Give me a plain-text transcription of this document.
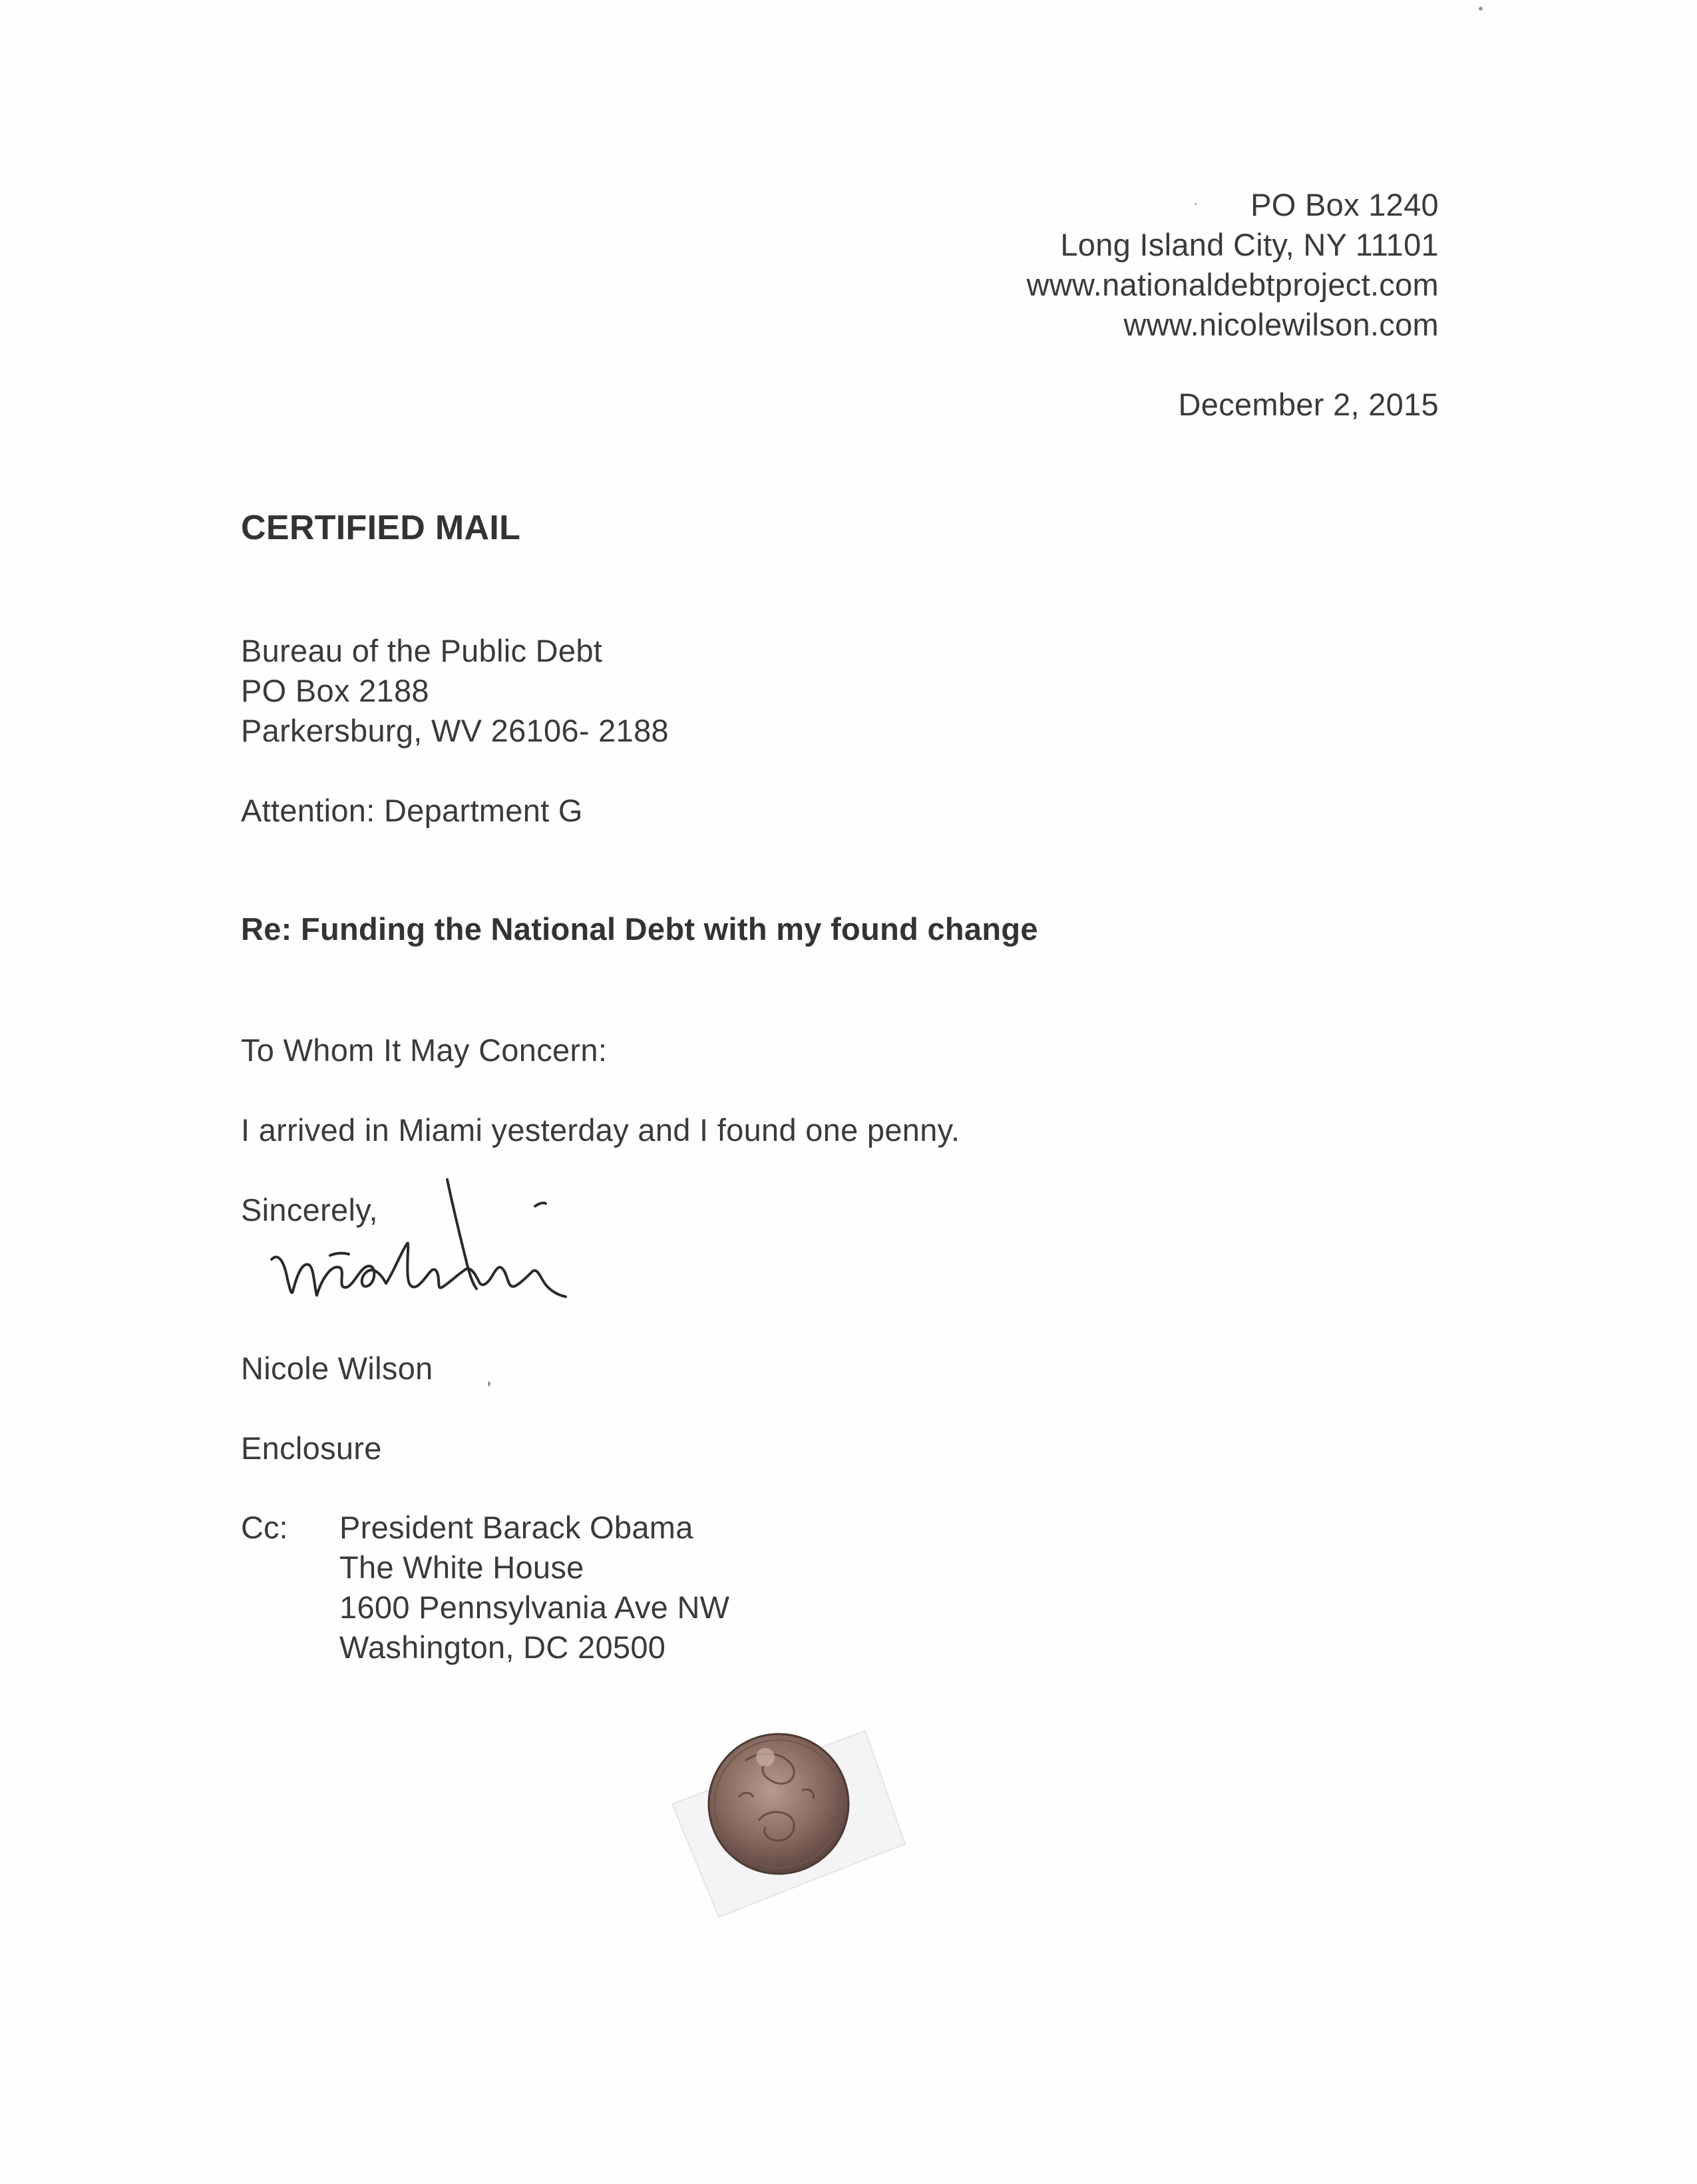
PO Box 1240
Long Island City, NY 11101
www.nationaldebtproject.com
www.nicolewilson.com
December 2, 2015
CERTIFIED MAIL
Bureau of the Public Debt
PO Box 2188
Parkersburg, WV 26106- 2188
Attention: Department G
Re: Funding the National Debt with my found change
To Whom It May Concern:
I arrived in Miami yesterday and I found one penny.
Sincerely,
Nicole Wilson
Enclosure
Cc: President Barack Obama
The White House
1600 Pennsylvania Ave NW
Washington, DC 20500
